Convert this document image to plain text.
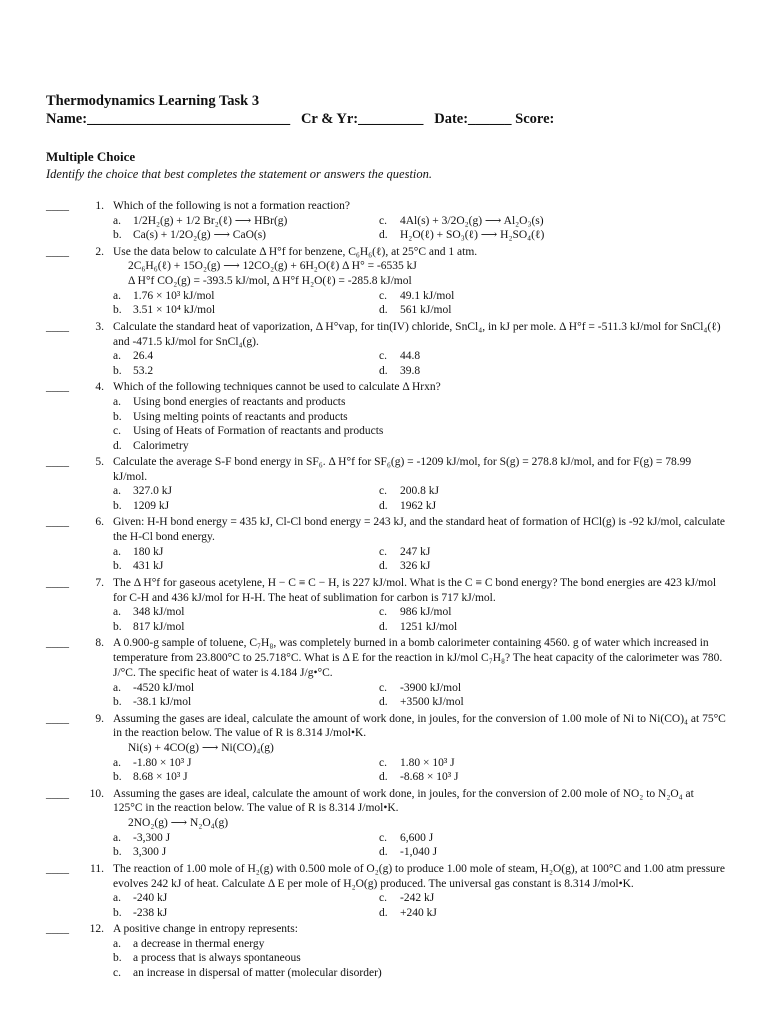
Thermodynamics Learning Task 3
Name:____________________________   Cr & Yr:_________   Date:______ Score:
Multiple Choice
Identify the choice that best completes the statement or answers the question.
____	1. Which of the following is not a formation reaction?
a. 1/2H₂(g) + 1/2 Br₂(ℓ) ⟶ HBr(g)	c. 4Al(s) + 3/2O₂(g) ⟶ Al₂O₃(s)
b. Ca(s) + 1/2O₂(g) ⟶ CaO(s)	d. H₂O(ℓ) + SO₃(ℓ) ⟶ H₂SO₄(ℓ)
____	2. Use the data below to calculate Δ H°f for benzene, C₆H₆(ℓ), at 25°C and 1 atm.
2C₆H₆(ℓ) + 15O₂(g) ⟶ 12CO₂(g) + 6H₂O(ℓ) Δ H° = -6535 kJ
Δ H°f CO₂(g) = -393.5 kJ/mol, Δ H°f H₂O(ℓ) = -285.8 kJ/mol
a. 1.76 × 10³ kJ/mol	c. 49.1 kJ/mol
b. 3.51 × 10⁴ kJ/mol	d. 561 kJ/mol
____	3. Calculate the standard heat of vaporization, Δ H°vap, for tin(IV) chloride, SnCl₄, in kJ per mole. Δ H°f = -511.3 kJ/mol for SnCl₄(ℓ) and -471.5 kJ/mol for SnCl₄(g).
a. 26.4	c. 44.8
b. 53.2	d. 39.8
____	4. Which of the following techniques cannot be used to calculate Δ Hrxn?
a. Using bond energies of reactants and products
b. Using melting points of reactants and products
c. Using of Heats of Formation of reactants and products
d. Calorimetry
____	5. Calculate the average S-F bond energy in SF₆. Δ H°f for SF₆(g) = -1209 kJ/mol, for S(g) = 278.8 kJ/mol, and for F(g) = 78.99 kJ/mol.
a. 327.0 kJ	c. 200.8 kJ
b. 1209 kJ	d. 1962 kJ
____	6. Given: H-H bond energy = 435 kJ, Cl-Cl bond energy = 243 kJ, and the standard heat of formation of HCl(g) is -92 kJ/mol, calculate the H-Cl bond energy.
a. 180 kJ	c. 247 kJ
b. 431 kJ	d. 326 kJ
____	7. The Δ H°f for gaseous acetylene, H − C ≡ C − H, is 227 kJ/mol. What is the C ≡ C bond energy? The bond energies are 423 kJ/mol for C-H and 436 kJ/mol for H-H. The heat of sublimation for carbon is 717 kJ/mol.
a. 348 kJ/mol	c. 986 kJ/mol
b. 817 kJ/mol	d. 1251 kJ/mol
____	8. A 0.900-g sample of toluene, C₇H₈, was completely burned in a bomb calorimeter containing 4560. g of water which increased in temperature from 23.800°C to 25.718°C. What is Δ E for the reaction in kJ/mol C₇H₈? The heat capacity of the calorimeter was 780. J/°C. The specific heat of water is 4.184 J/g•°C.
a. -4520 kJ/mol	c. -3900 kJ/mol
b. -38.1 kJ/mol	d. +3500 kJ/mol
____	9. Assuming the gases are ideal, calculate the amount of work done, in joules, for the conversion of 1.00 mole of Ni to Ni(CO)₄ at 75°C in the reaction below. The value of R is 8.314 J/mol•K.
Ni(s) + 4CO(g) ⟶ Ni(CO)₄(g)
a. -1.80 × 10³ J	c. 1.80 × 10³ J
b. 8.68 × 10³ J	d. -8.68 × 10³ J
____	10. Assuming the gases are ideal, calculate the amount of work done, in joules, for the conversion of 2.00 mole of NO₂ to N₂O₄ at 125°C in the reaction below. The value of R is 8.314 J/mol•K.
2NO₂(g) ⟶ N₂O₄(g)
a. -3,300 J	c. 6,600 J
b. 3,300 J	d. -1,040 J
____	11. The reaction of 1.00 mole of H₂(g) with 0.500 mole of O₂(g) to produce 1.00 mole of steam, H₂O(g), at 100°C and 1.00 atm pressure evolves 242 kJ of heat. Calculate Δ E per mole of H₂O(g) produced. The universal gas constant is 8.314 J/mol•K.
a. -240 kJ	c. -242 kJ
b. -238 kJ	d. +240 kJ
____	12. A positive change in entropy represents:
a. a decrease in thermal energy
b. a process that is always spontaneous
c. an increase in dispersal of matter (molecular disorder)
